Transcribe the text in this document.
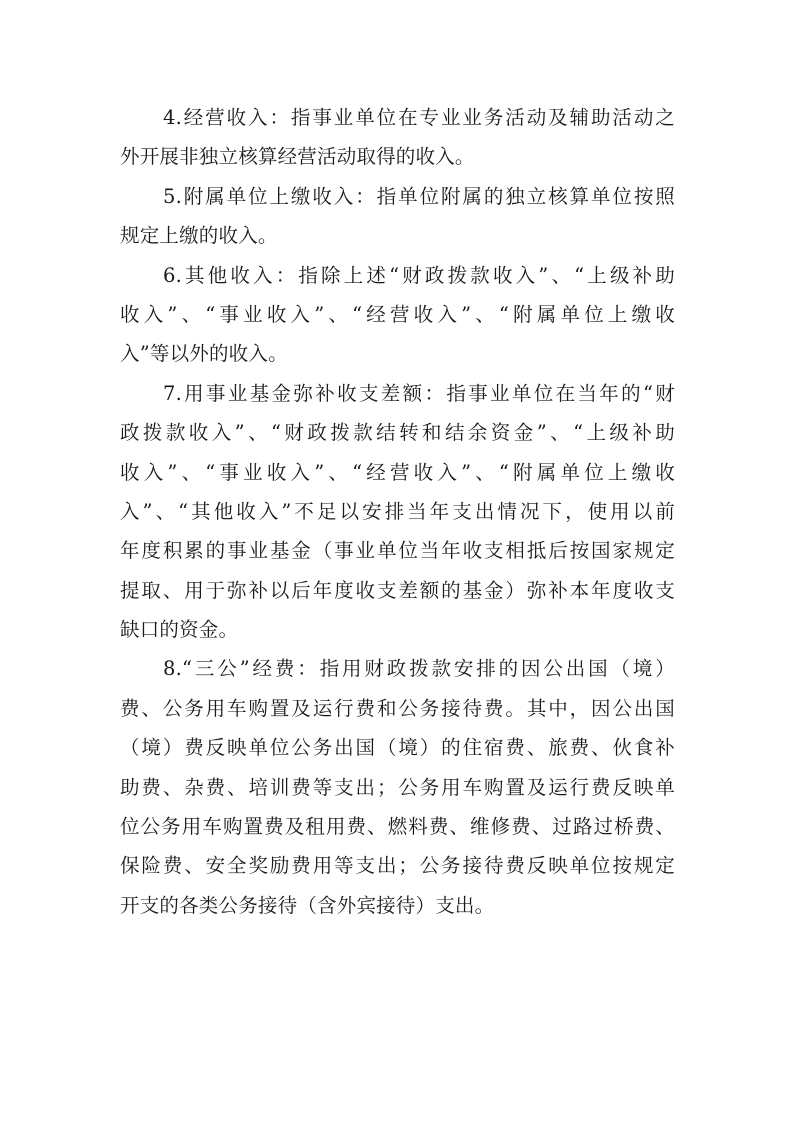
4.经营收入：指事业单位在专业业务活动及辅助活动之
外开展非独立核算经营活动取得的收入。
5.附属单位上缴收入：指单位附属的独立核算单位按照
规定上缴的收入。
6.其他收入：指除上述“财政拨款收入”、“上级补助
收入”、“事业收入”、“经营收入”、“附属单位上缴收
入”等以外的收入。
7.用事业基金弥补收支差额：指事业单位在当年的“财
政拨款收入”、“财政拨款结转和结余资金”、“上级补助
收入”、“事业收入”、“经营收入”、“附属单位上缴收
入”、“其他收入”不足以安排当年支出情况下，使用以前
年度积累的事业基金（事业单位当年收支相抵后按国家规定
提取、用于弥补以后年度收支差额的基金）弥补本年度收支
缺口的资金。
8.“三公”经费：指用财政拨款安排的因公出国（境）
费、公务用车购置及运行费和公务接待费。其中，因公出国
（境）费反映单位公务出国（境）的住宿费、旅费、伙食补
助费、杂费、培训费等支出；公务用车购置及运行费反映单
位公务用车购置费及租用费、燃料费、维修费、过路过桥费、
保险费、安全奖励费用等支出；公务接待费反映单位按规定
开支的各类公务接待（含外宾接待）支出。
